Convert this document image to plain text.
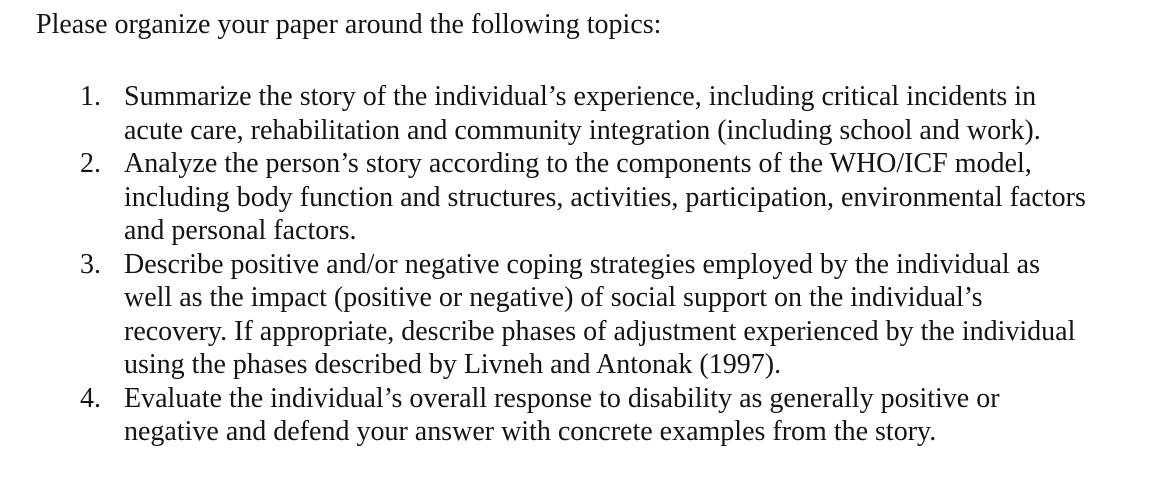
Please organize your paper around the following topics:
1. Summarize the story of the individual’s experience, including critical incidents in
acute care, rehabilitation and community integration (including school and work).
2. Analyze the person’s story according to the components of the WHO/ICF model,
including body function and structures, activities, participation, environmental factors
and personal factors.
3. Describe positive and/or negative coping strategies employed by the individual as
well as the impact (positive or negative) of social support on the individual’s
recovery. If appropriate, describe phases of adjustment experienced by the individual
using the phases described by Livneh and Antonak (1997).
4. Evaluate the individual’s overall response to disability as generally positive or
negative and defend your answer with concrete examples from the story.
